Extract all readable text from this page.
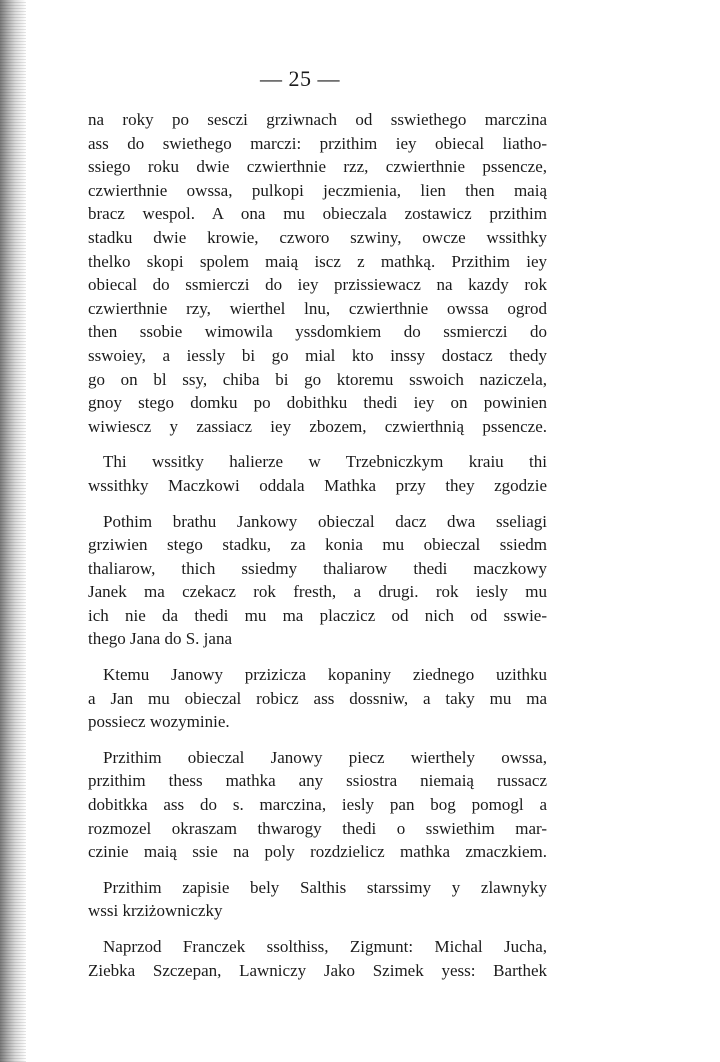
— 25 —

na roky po sesczi grziwnach od sswiethego marczina
ass do swiethego marczi: przithim iey obiecal liatho-
ssiego roku dwie czwierthnie rzz, czwierthnie pssencze,
czwierthnie owssa, pulkopi jeczmienia, lien then maią
bracz wespol. A ona mu obieczala zostawicz przithim
stadku dwie krowie, czworo szwiny, owcze wssithky
thelko skopi spolem maią iscz z mathką. Przithim iey
obiecal do ssmierczi do iey przissiewacz na kazdy rok
czwierthnie rzy, wierthel lnu, czwierthnie owssa ogrod
then ssobie wimowila yssdomkiem do ssmierczi do
sswoiey, a iessly bi go mial kto inssy dostacz thedy
go on bl ssy, chiba bi go ktoremu sswoich naziczela,
gnoy stego domku po dobithku thedi iey on powinien
wiwiescz y zassiacz iey zbozem, czwierthnią pssencze.

Thi wssitky halierze w Trzebniczkym kraiu thi
wssithky Maczkowi oddala Mathka przy they zgodzie

Pothim brathu Jankowy obieczal dacz dwa sseliagi
grziwien stego stadku, za konia mu obieczal ssiedm
thaliarow, thich ssiedmy thaliarow thedi maczkowy
Janek ma czekacz rok fresth, a drugi. rok iesly mu
ich nie da thedi mu ma placzicz od nich od sswie-
thego Jana do S. jana

Ktemu Janowy przizicza kopaniny ziednego uzithku
a Jan mu obieczal robicz ass dossniw, a taky mu ma
possiecz wozyminie.

Przithim obieczal Janowy piecz wierthely owssa,
przithim thess mathka any ssiostra niemaią russacz
dobitkka ass do s. marczina, iesly pan bog pomogl a
rozmozel okraszam thwarogy thedi o sswiethim mar-
czinie maią ssie na poly rozdzielicz mathka zmaczkiem.

Przithim zapisie bely Salthis starssimy y zlawnyky
wssi krziżowniczky

Naprzod Franczek ssolthiss, Zigmunt: Michal Jucha,
Ziebka Szczepan, Lawniczy Jako Szimek yess: Barthek
